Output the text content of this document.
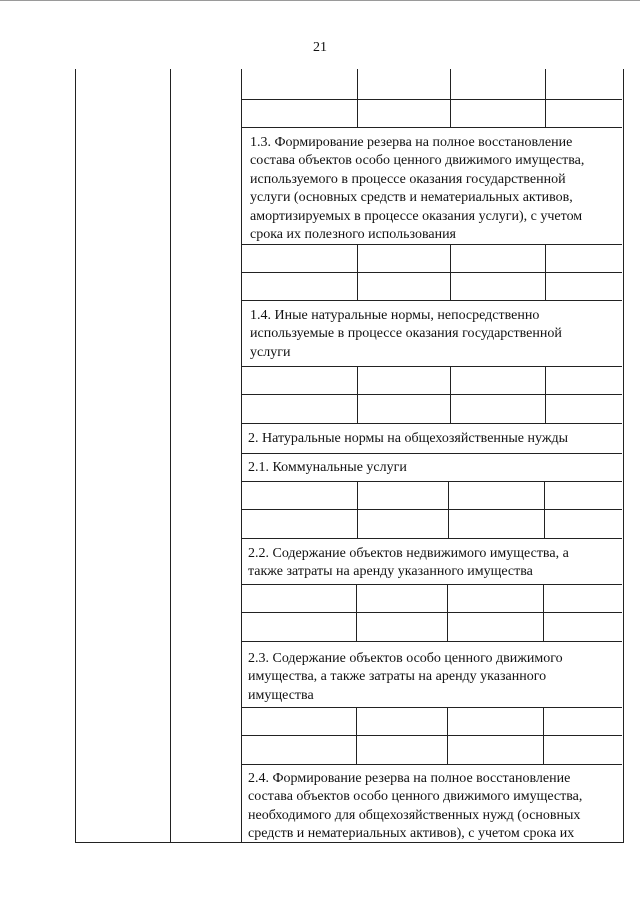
21
1.3. Формирование резерва на полное восстановление
состава объектов особо ценного движимого имущества,
используемого в процессе оказания государственной
услуги (основных средств и нематериальных активов,
амортизируемых в процессе оказания услуги), с учетом
срока их полезного использования
1.4. Иные натуральные нормы, непосредственно
используемые в процессе оказания государственной
услуги
2. Натуральные нормы на общехозяйственные нужды
2.1. Коммунальные услуги
2.2. Содержание объектов недвижимого имущества, а
также затраты на аренду указанного имущества
2.3. Содержание объектов особо ценного движимого
имущества, а также затраты на аренду указанного
имущества
2.4. Формирование резерва на полное восстановление
состава объектов особо ценного движимого имущества,
необходимого для общехозяйственных нужд (основных
средств и нематериальных активов), с учетом срока их
